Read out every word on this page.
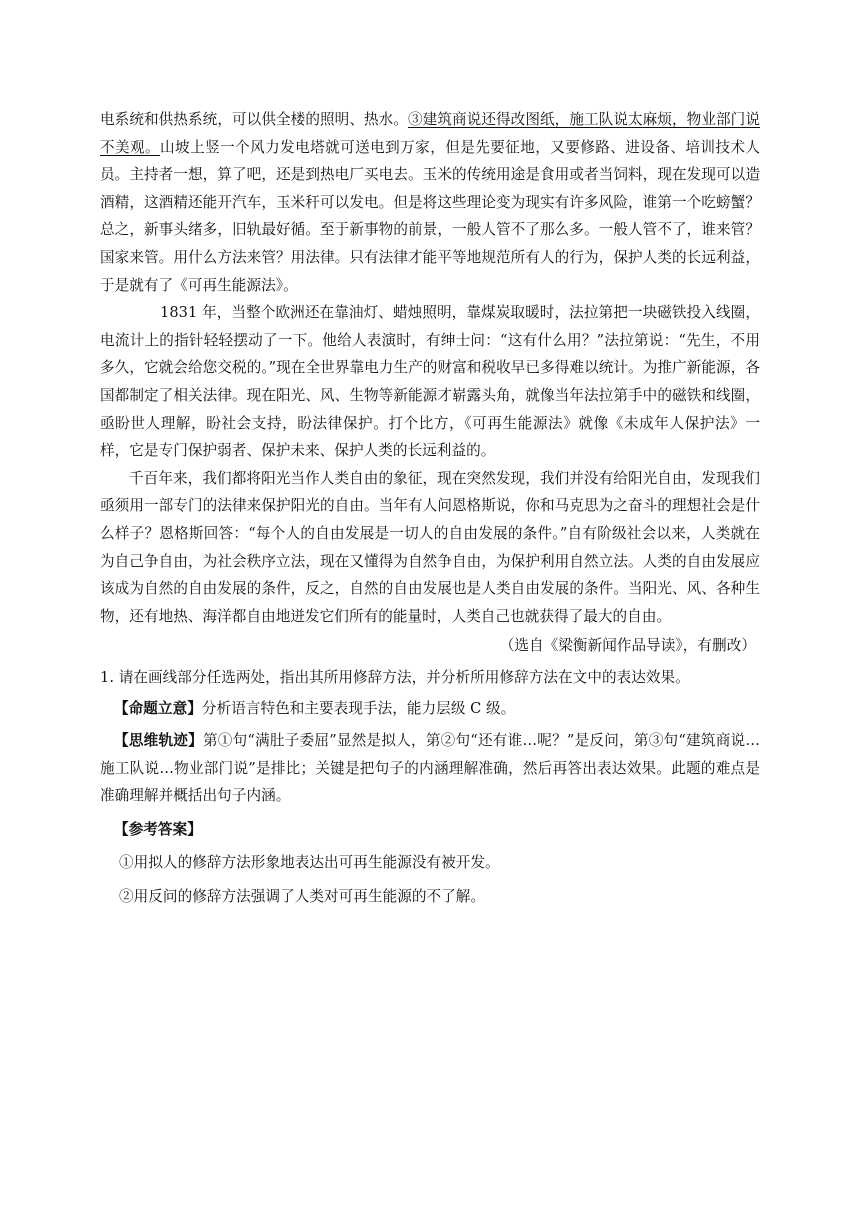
电系统和供热系统，可以供全楼的照明、热水。③建筑商说还得改图纸，施工队说太麻烦，物业部门说不美观。山坡上竖一个风力发电塔就可送电到万家，但是先要征地，又要修路、进设备、培训技术人员。主持者一想，算了吧，还是到热电厂买电去。玉米的传统用途是食用或者当饲料，现在发现可以造酒精，这酒精还能开汽车，玉米秆可以发电。但是将这些理论变为现实有许多风险，谁第一个吃螃蟹？总之，新事头绪多，旧轨最好循。至于新事物的前景，一般人管不了那么多。一般人管不了，谁来管？国家来管。用什么方法来管？用法律。只有法律才能平等地规范所有人的行为，保护人类的长远利益，于是就有了《可再生能源法》。

1831 年，当整个欧洲还在靠油灯、蜡烛照明，靠煤炭取暖时，法拉第把一块磁铁投入线圈，电流计上的指针轻轻摆动了一下。他给人表演时，有绅士问：“这有什么用？”法拉第说：“先生，不用多久，它就会给您交税的。”现在全世界靠电力生产的财富和税收早已多得难以统计。为推广新能源，各国都制定了相关法律。现在阳光、风、生物等新能源才崭露头角，就像当年法拉第手中的磁铁和线圈，亟盼世人理解，盼社会支持，盼法律保护。打个比方，《可再生能源法》就像《未成年人保护法》一样，它是专门保护弱者、保护未来、保护人类的长远利益的。

千百年来，我们都将阳光当作人类自由的象征，现在突然发现，我们并没有给阳光自由，发现我们亟须用一部专门的法律来保护阳光的自由。当年有人问恩格斯说，你和马克思为之奋斗的理想社会是什么样子？恩格斯回答：“每个人的自由发展是一切人的自由发展的条件。”自有阶级社会以来，人类就在为自己争自由，为社会秩序立法，现在又懂得为自然争自由，为保护利用自然立法。人类的自由发展应该成为自然的自由发展的条件，反之，自然的自由发展也是人类自由发展的条件。当阳光、风、各种生物，还有地热、海洋都自由地迸发它们所有的能量时，人类自己也就获得了最大的自由。

（选自《梁衡新闻作品导读》，有删改）

1. 请在画线部分任选两处，指出其所用修辞方法，并分析所用修辞方法在文中的表达效果。

【命题立意】分析语言特色和主要表现手法，能力层级 C 级。

【思维轨迹】第①句“满肚子委屈”显然是拟人，第②句“还有谁…呢？”是反问，第③句“建筑商说…施工队说…物业部门说”是排比；关键是把句子的内涵理解准确，然后再答出表达效果。此题的难点是准确理解并概括出句子内涵。

【参考答案】

①用拟人的修辞方法形象地表达出可再生能源没有被开发。

②用反问的修辞方法强调了人类对可再生能源的不了解。
